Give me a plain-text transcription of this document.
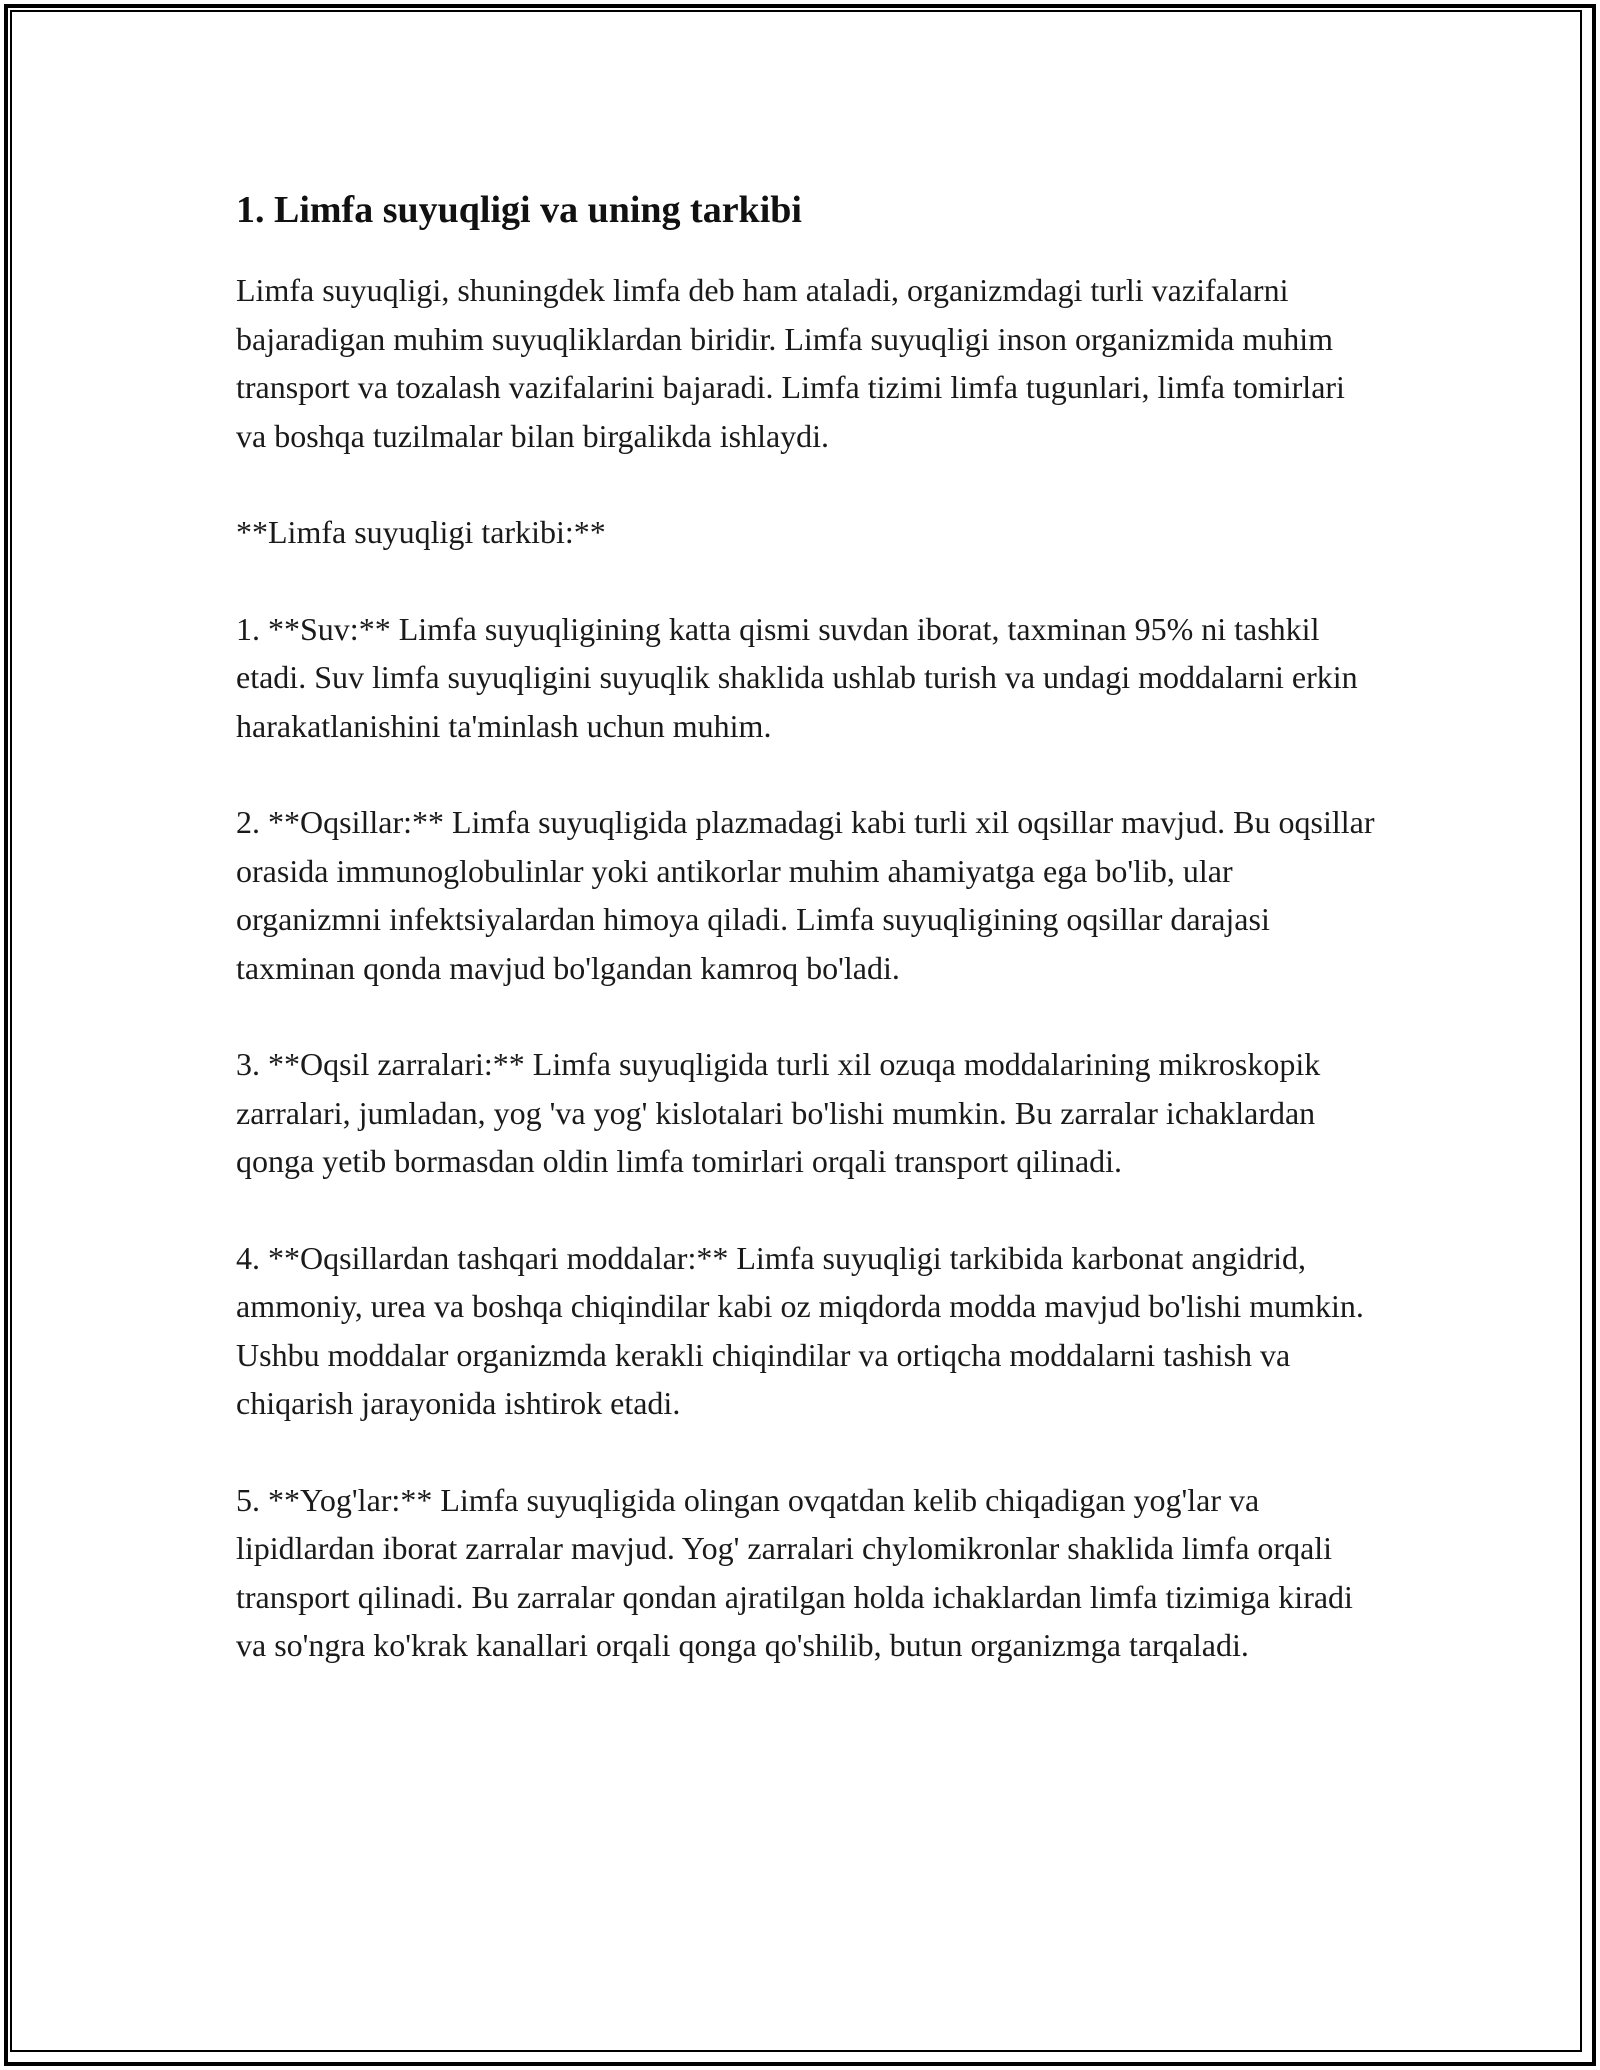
1. Limfa suyuqligi va uning tarkibi

Limfa suyuqligi, shuningdek limfa deb ham ataladi, organizmdagi turli vazifalarni bajaradigan muhim suyuqliklardan biridir. Limfa suyuqligi inson organizmida muhim transport va tozalash vazifalarini bajaradi. Limfa tizimi limfa tugunlari, limfa tomirlari va boshqa tuzilmalar bilan birgalikda ishlaydi.

**Limfa suyuqligi tarkibi:**

1. **Suv:** Limfa suyuqligining katta qismi suvdan iborat, taxminan 95% ni tashkil etadi. Suv limfa suyuqligini suyuqlik shaklida ushlab turish va undagi moddalarni erkin harakatlanishini ta'minlash uchun muhim.

2. **Oqsillar:** Limfa suyuqligida plazmadagi kabi turli xil oqsillar mavjud. Bu oqsillar orasida immunoglobulinlar yoki antikorlar muhim ahamiyatga ega bo'lib, ular organizmni infektsiyalardan himoya qiladi. Limfa suyuqligining oqsillar darajasi taxminan qonda mavjud bo'lgandan kamroq bo'ladi.

3. **Oqsil zarralari:** Limfa suyuqligida turli xil ozuqa moddalarining mikroskopik zarralari, jumladan, yog 'va yog' kislotalari bo'lishi mumkin. Bu zarralar ichaklardan qonga yetib bormasdan oldin limfa tomirlari orqali transport qilinadi.

4. **Oqsillardan tashqari moddalar:** Limfa suyuqligi tarkibida karbonat angidrid, ammoniy, urea va boshqa chiqindilar kabi oz miqdorda modda mavjud bo'lishi mumkin. Ushbu moddalar organizmda kerakli chiqindilar va ortiqcha moddalarni tashish va chiqarish jarayonida ishtirok etadi.

5. **Yog'lar:** Limfa suyuqligida olingan ovqatdan kelib chiqadigan yog'lar va lipidlardan iborat zarralar mavjud. Yog' zarralari chylomikronlar shaklida limfa orqali transport qilinadi. Bu zarralar qondan ajratilgan holda ichaklardan limfa tizimiga kiradi va so'ngra ko'krak kanallari orqali qonga qo'shilib, butun organizmga tarqaladi.
